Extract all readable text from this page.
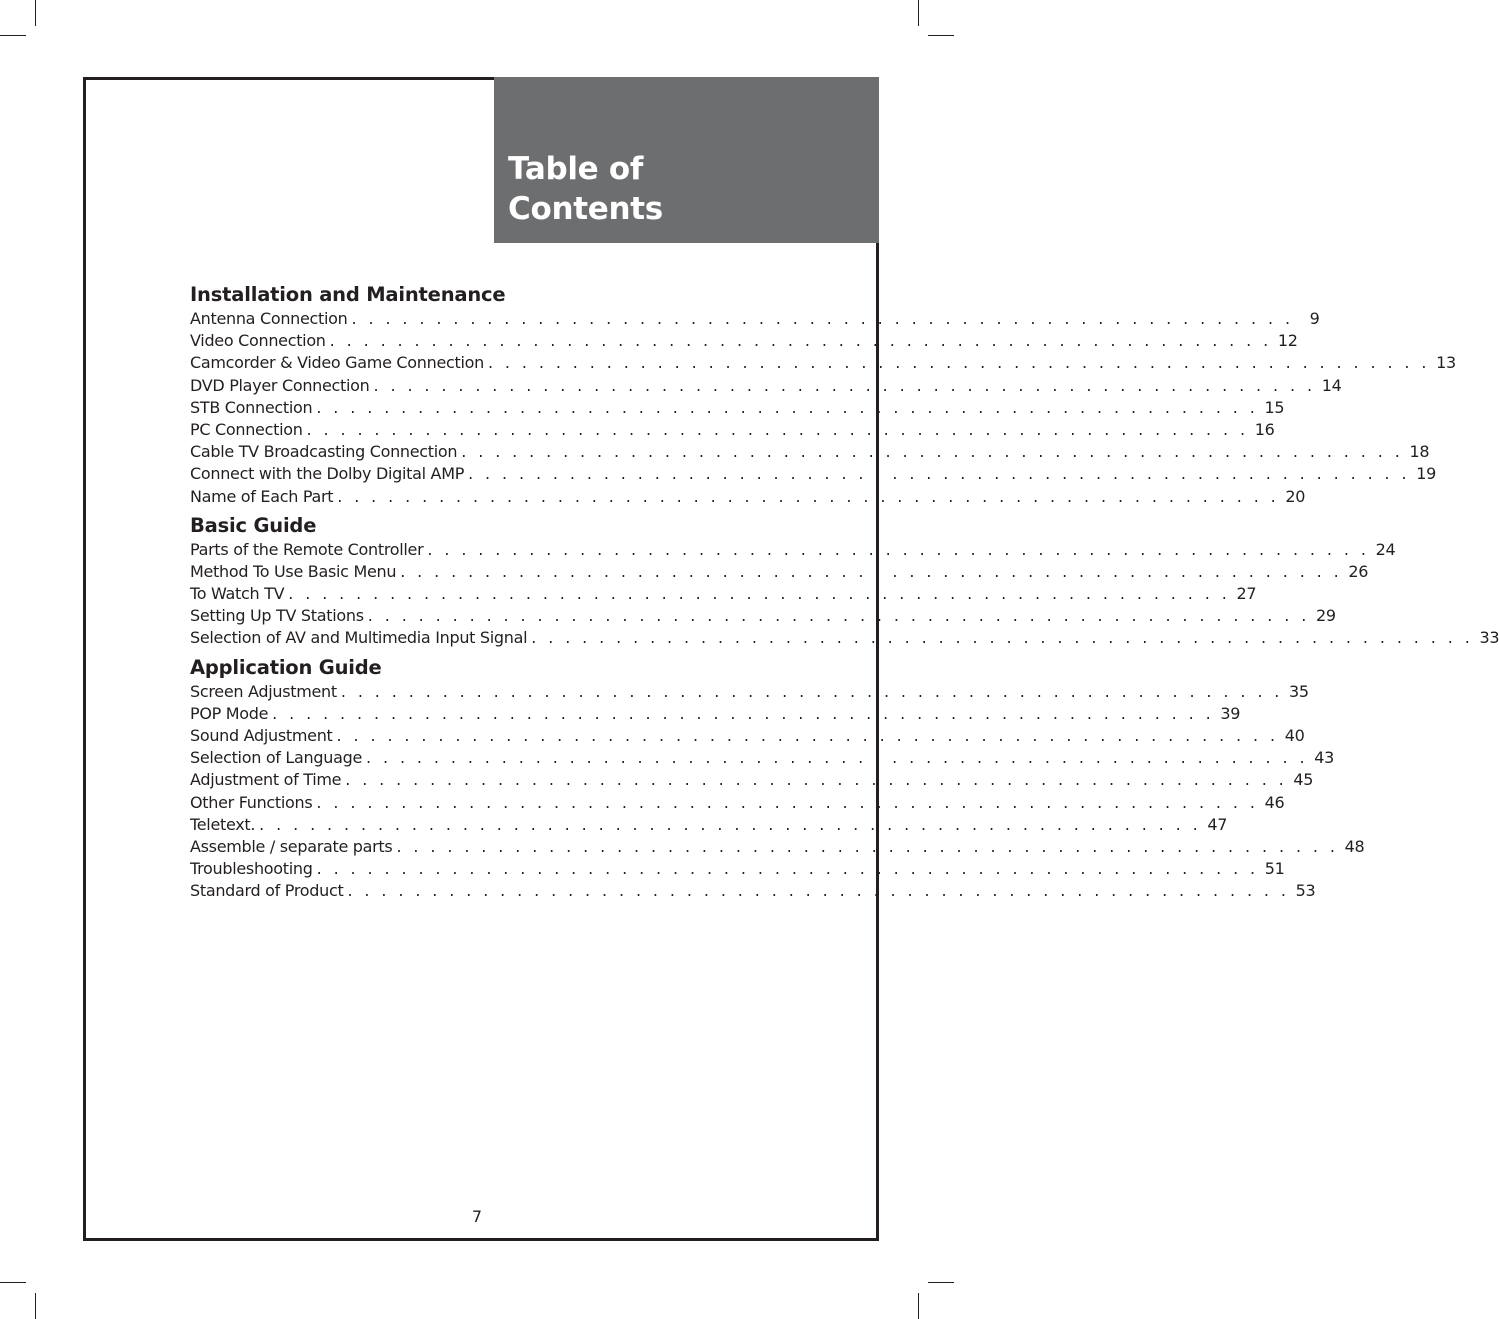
Table of
Contents
Installation and Maintenance
Antenna Connection . . . . . . . . . . . . . . . . . . . . . . . . . . . . . . . . . . . . . . . . . . . . . . . . . . . . . . . .	9
Video Connection . . . . . . . . . . . . . . . . . . . . . . . . . . . . . . . . . . . . . . . . . . . . . . . . . . . . . . . . 12
Camcorder & Video Game Connection . . . . . . . . . . . . . . . . . . . . . . . . . . . . . . . . . . . . . . . . . . . . . . . . . . . . . . . . 13
DVD Player Connection . . . . . . . . . . . . . . . . . . . . . . . . . . . . . . . . . . . . . . . . . . . . . . . . . . . . . . . . 14
STB Connection . . . . . . . . . . . . . . . . . . . . . . . . . . . . . . . . . . . . . . . . . . . . . . . . . . . . . . . . 15
PC Connection . . . . . . . . . . . . . . . . . . . . . . . . . . . . . . . . . . . . . . . . . . . . . . . . . . . . . . . . 16
Cable TV Broadcasting Connection . . . . . . . . . . . . . . . . . . . . . . . . . . . . . . . . . . . . . . . . . . . . . . . . . . . . . . . . 18
Connect with the Dolby Digital AMP . . . . . . . . . . . . . . . . . . . . . . . . . . . . . . . . . . . . . . . . . . . . . . . . . . . . . . . . 19
Name of Each Part . . . . . . . . . . . . . . . . . . . . . . . . . . . . . . . . . . . . . . . . . . . . . . . . . . . . . . . . 20
Basic Guide
Parts of the Remote Controller . . . . . . . . . . . . . . . . . . . . . . . . . . . . . . . . . . . . . . . . . . . . . . . . . . . . . . . . 24
Method To Use Basic Menu . . . . . . . . . . . . . . . . . . . . . . . . . . . . . . . . . . . . . . . . . . . . . . . . . . . . . . . . 26
To Watch TV . . . . . . . . . . . . . . . . . . . . . . . . . . . . . . . . . . . . . . . . . . . . . . . . . . . . . . . . 27
Setting Up TV Stations . . . . . . . . . . . . . . . . . . . . . . . . . . . . . . . . . . . . . . . . . . . . . . . . . . . . . . . . 29
Selection of AV and Multimedia Input Signal . . . . . . . . . . . . . . . . . . . . . . . . . . . . . . . . . . . . . . . . . . . . . . . . . . . . . . . . 33
Application Guide
Screen Adjustment . . . . . . . . . . . . . . . . . . . . . . . . . . . . . . . . . . . . . . . . . . . . . . . . . . . . . . . . 35
POP Mode . . . . . . . . . . . . . . . . . . . . . . . . . . . . . . . . . . . . . . . . . . . . . . . . . . . . . . . . 39
Sound Adjustment . . . . . . . . . . . . . . . . . . . . . . . . . . . . . . . . . . . . . . . . . . . . . . . . . . . . . . . . 40
Selection of Language . . . . . . . . . . . . . . . . . . . . . . . . . . . . . . . . . . . . . . . . . . . . . . . . . . . . . . . . 43
Adjustment of Time . . . . . . . . . . . . . . . . . . . . . . . . . . . . . . . . . . . . . . . . . . . . . . . . . . . . . . . . 45
Other Functions . . . . . . . . . . . . . . . . . . . . . . . . . . . . . . . . . . . . . . . . . . . . . . . . . . . . . . . . 46
Teletext. . . . . . . . . . . . . . . . . . . . . . . . . . . . . . . . . . . . . . . . . . . . . . . . . . . . . . . . . 47
Assemble / separate parts . . . . . . . . . . . . . . . . . . . . . . . . . . . . . . . . . . . . . . . . . . . . . . . . . . . . . . . . 48
Troubleshooting . . . . . . . . . . . . . . . . . . . . . . . . . . . . . . . . . . . . . . . . . . . . . . . . . . . . . . . . 51
Standard of Product . . . . . . . . . . . . . . . . . . . . . . . . . . . . . . . . . . . . . . . . . . . . . . . . . . . . . . . . 53
7
